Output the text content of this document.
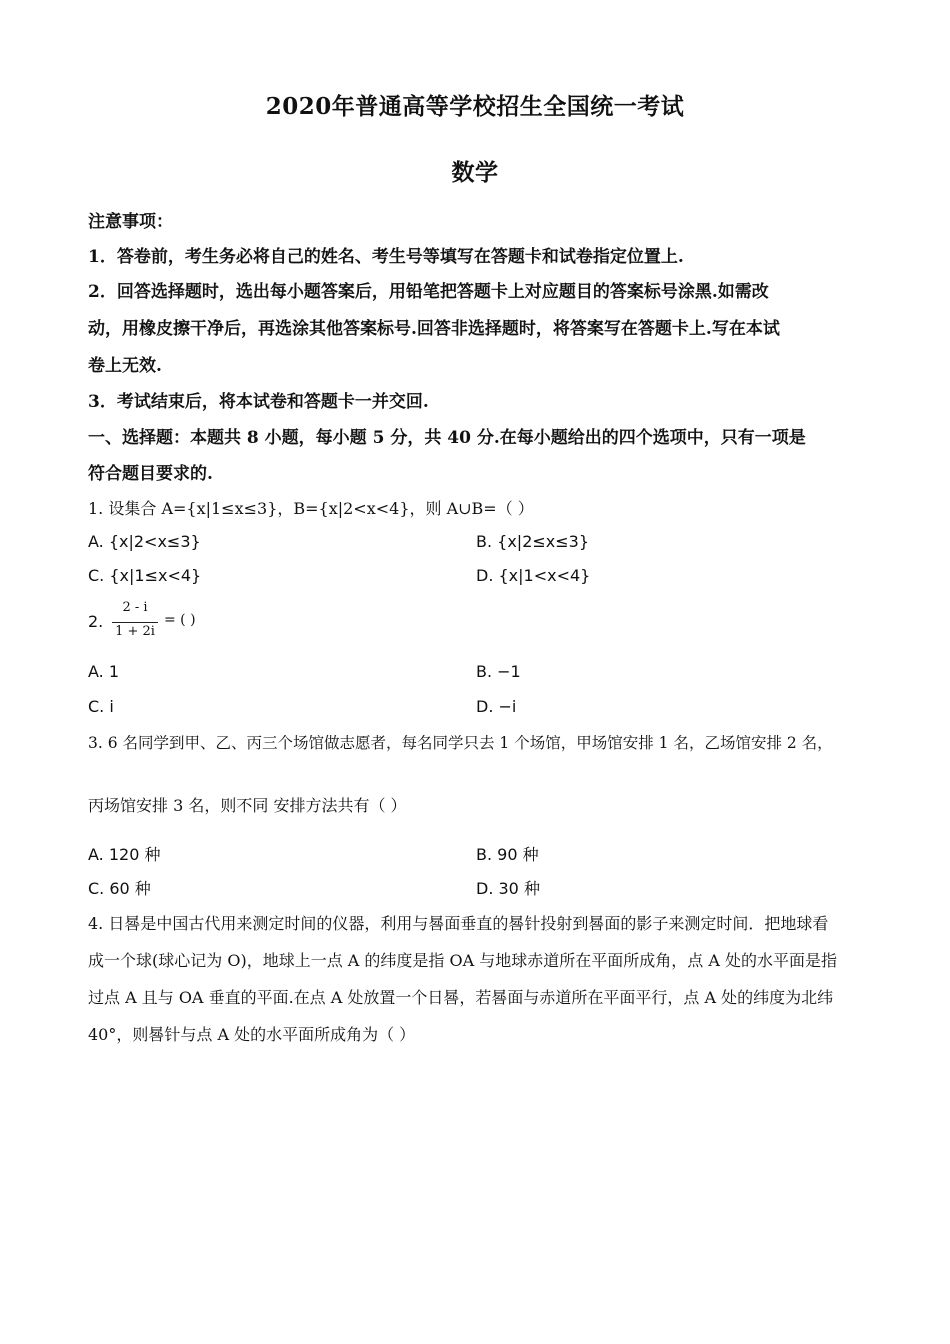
2020年普通高等学校招生全国统一考试
数学
注意事项：
1．答卷前，考生务必将自己的姓名、考生号等填写在答题卡和试卷指定位置上.
2．回答选择题时，选出每小题答案后，用铅笔把答题卡上对应题目的答案标号涂黑.如需改
动，用橡皮擦干净后，再选涂其他答案标号.回答非选择题时，将答案写在答题卡上.写在本试
卷上无效.
3．考试结束后，将本试卷和答题卡一并交回.
一、选择题：本题共 8 小题，每小题 5 分，共 40 分.在每小题给出的四个选项中，只有一项是
符合题目要求的.
1. 设集合 A={x|1≤x≤3}，B={x|2<x<4}，则 A∪B=（ ）
A. {x|2<x≤3}	B. {x|2≤x≤3}
C. {x|1≤x<4}	D. {x|1<x<4}
2.
2 - i
1 + 2i
= ( )
A. 1	B. −1
C. i	D. −i
3. 6 名同学到甲、乙、丙三个场馆做志愿者，每名同学只去 1 个场馆，甲场馆安排 1 名，乙场馆安排 2 名，
丙场馆安排 3 名，则不同 安排方法共有（ ）
A. 120 种	B. 90 种
C. 60 种	D. 30 种
4. 日晷是中国古代用来测定时间的仪器，利用与晷面垂直的晷针投射到晷面的影子来测定时间．把地球看
成一个球(球心记为 O)，地球上一点 A 的纬度是指 OA 与地球赤道所在平面所成角，点 A 处的水平面是指
过点 A 且与 OA 垂直的平面.在点 A 处放置一个日晷，若晷面与赤道所在平面平行，点 A 处的纬度为北纬
40°，则晷针与点 A 处的水平面所成角为（ ）
